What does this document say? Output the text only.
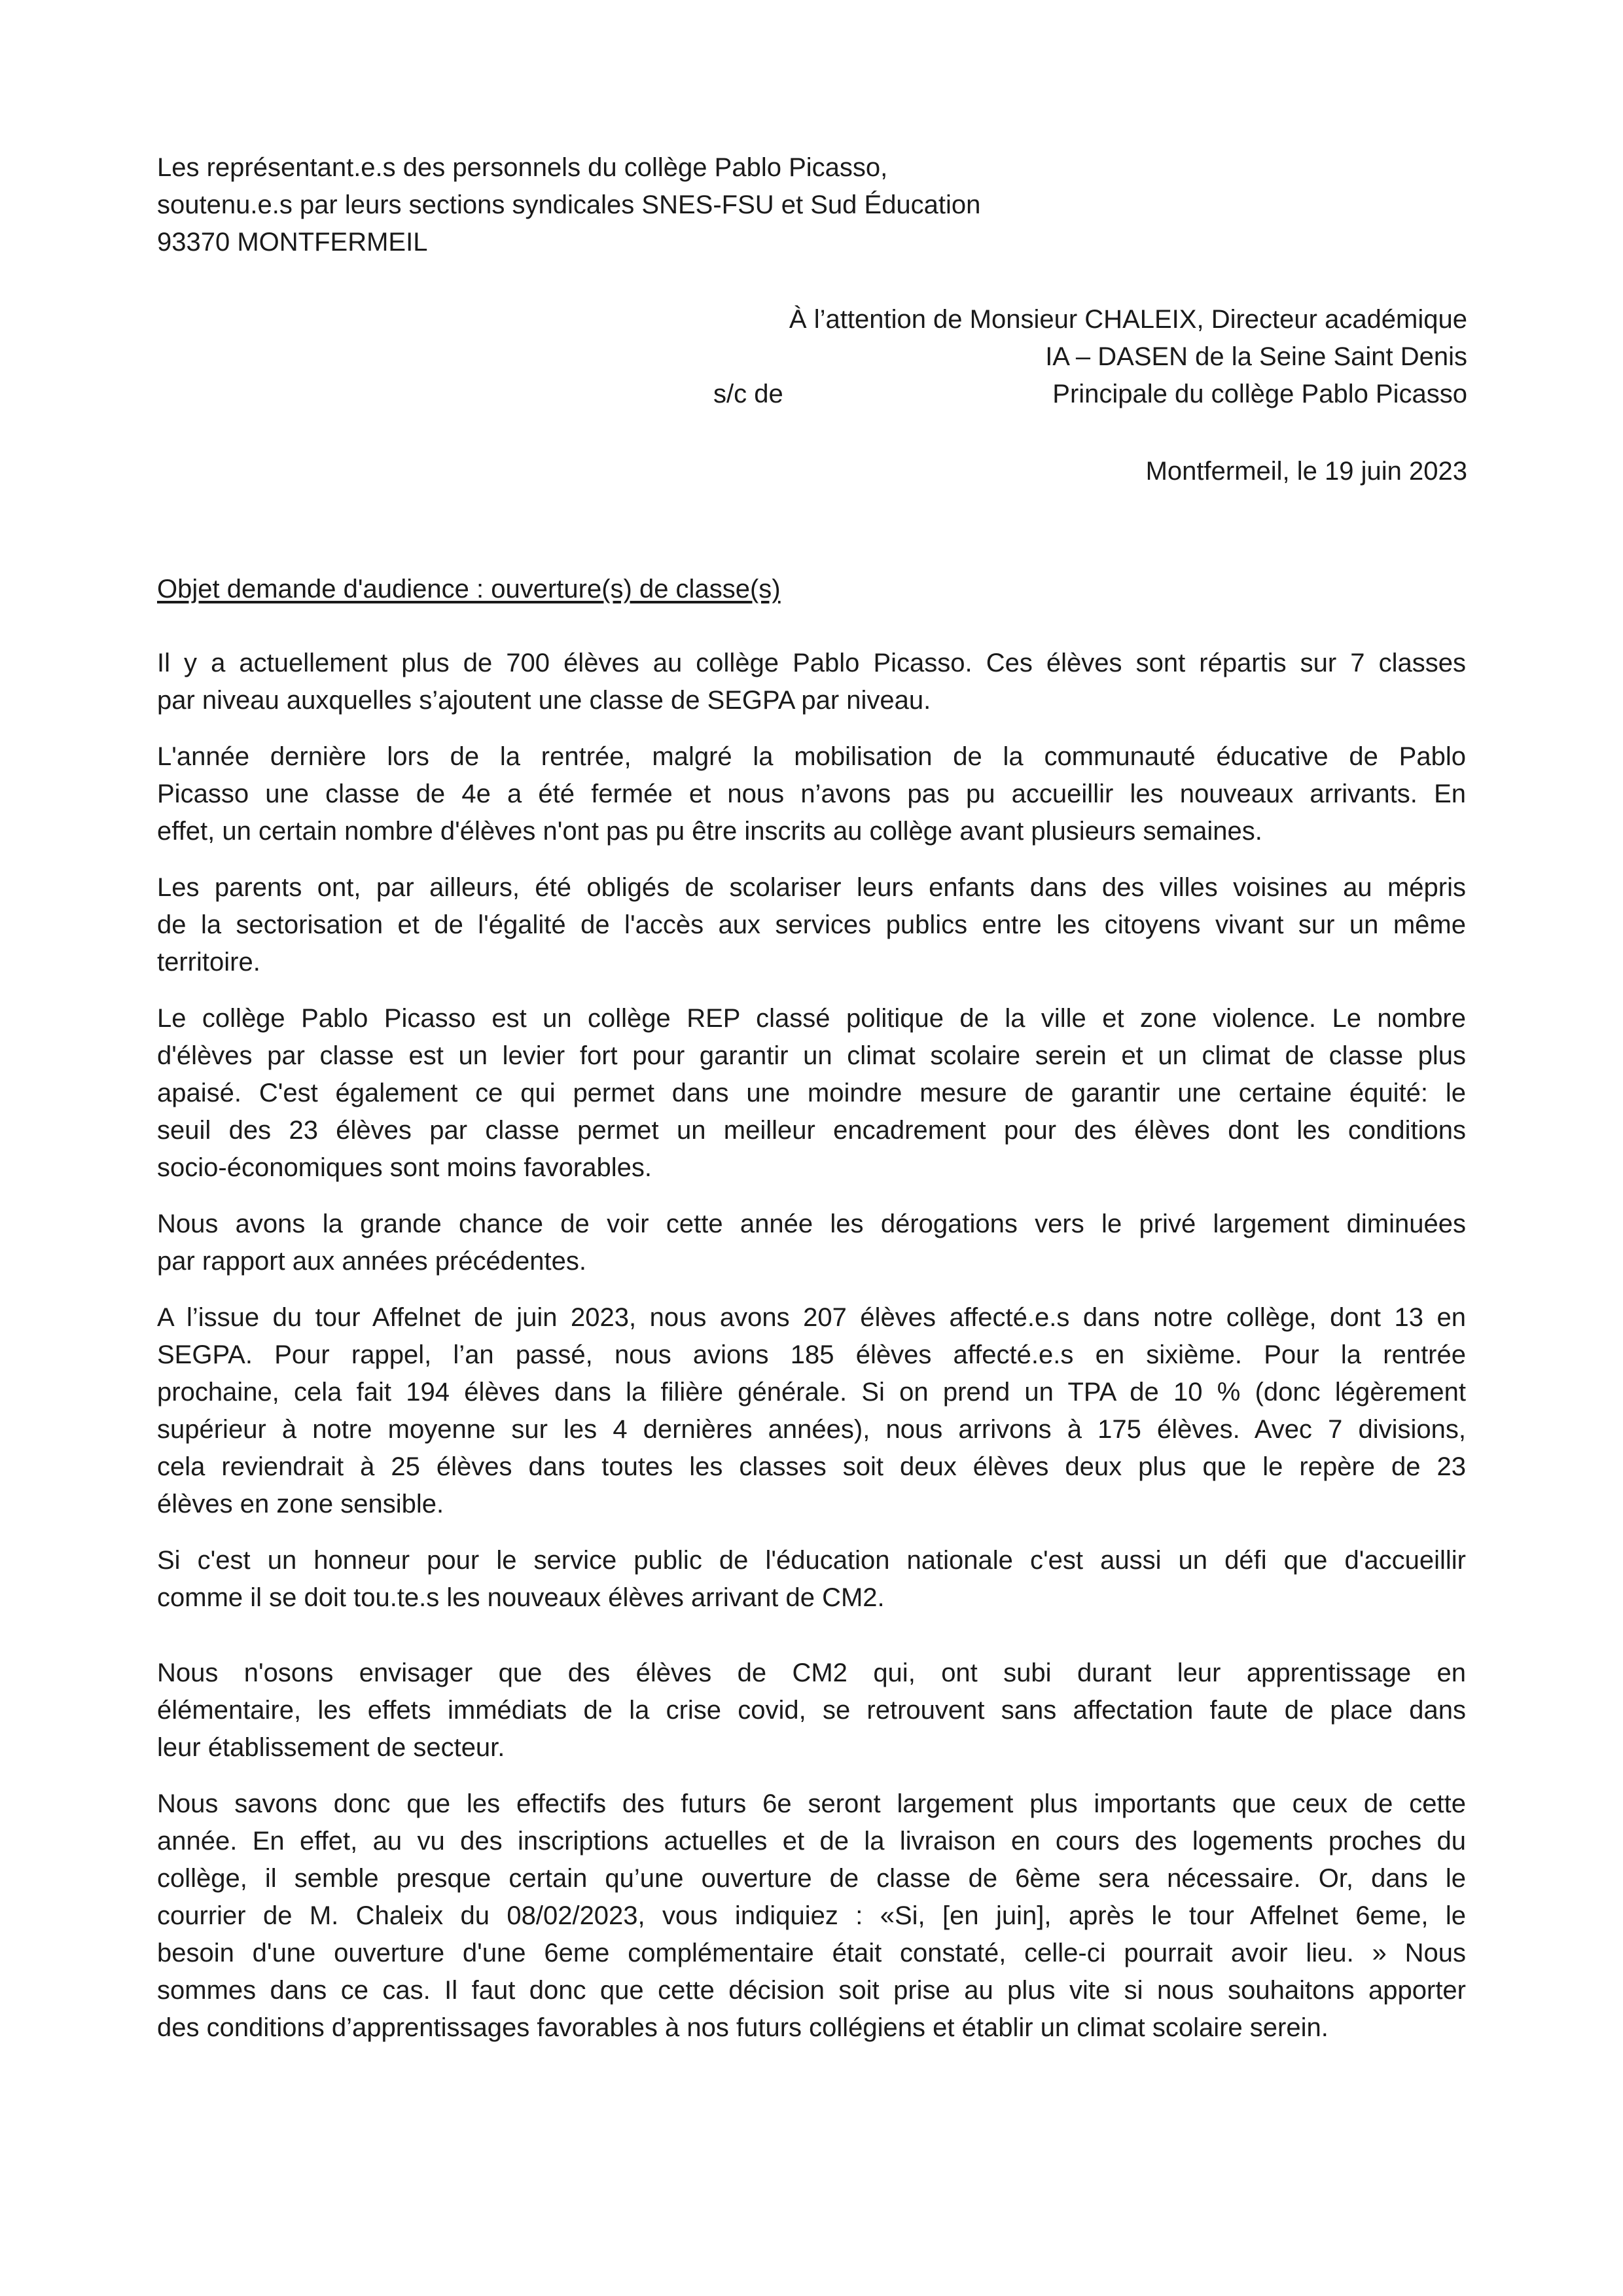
Les représentant.e.s des personnels du collège Pablo Picasso,
soutenu.e.s par leurs sections syndicales SNES-FSU et Sud Éducation
93370 MONTFERMEIL
À l’attention de Monsieur CHALEIX, Directeur académique
IA – DASEN de la Seine Saint Denis
s/c de	Principale du collège Pablo Picasso
Montfermeil, le 19 juin 2023
Objet demande d'audience : ouverture(s) de classe(s)
Il y a actuellement plus de 700 élèves au collège Pablo Picasso. Ces élèves sont répartis sur 7 classes
par niveau auxquelles s’ajoutent une classe de SEGPA par niveau.
L'année dernière lors de la rentrée, malgré la mobilisation de la communauté éducative de Pablo
Picasso une classe de 4e a été fermée et nous n’avons pas pu accueillir les nouveaux arrivants. En
effet, un certain nombre d'élèves n'ont pas pu être inscrits au collège avant plusieurs semaines.
Les parents ont, par ailleurs, été obligés de scolariser leurs enfants dans des villes voisines au mépris
de la sectorisation et de l'égalité de l'accès aux services publics entre les citoyens vivant sur un même
territoire.
Le collège Pablo Picasso est un collège REP classé politique de la ville et zone violence. Le nombre
d'élèves par classe est un levier fort pour garantir un climat scolaire serein et un climat de classe plus
apaisé. C'est également ce qui permet dans une moindre mesure de garantir une certaine équité: le
seuil des 23 élèves par classe permet un meilleur encadrement pour des élèves dont les conditions
socio-économiques sont moins favorables.
Nous avons la grande chance de voir cette année les dérogations vers le privé largement diminuées
par rapport aux années précédentes.
A l’issue du tour Affelnet de juin 2023, nous avons 207 élèves affecté.e.s dans notre collège, dont 13 en
SEGPA. Pour rappel, l’an passé, nous avions 185 élèves affecté.e.s en sixième. Pour la rentrée
prochaine, cela fait 194 élèves dans la filière générale. Si on prend un TPA de 10 % (donc légèrement
supérieur à notre moyenne sur les 4 dernières années), nous arrivons à 175 élèves. Avec 7 divisions,
cela reviendrait à 25 élèves dans toutes les classes soit deux élèves deux plus que le repère de 23
élèves en zone sensible.
Si c'est un honneur pour le service public de l'éducation nationale c'est aussi un défi que d'accueillir
comme il se doit tou.te.s les nouveaux élèves arrivant de CM2.
Nous n'osons envisager que des élèves de CM2 qui, ont subi durant leur apprentissage en
élémentaire, les effets immédiats de la crise covid, se retrouvent sans affectation faute de place dans
leur établissement de secteur.
Nous savons donc que les effectifs des futurs 6e seront largement plus importants que ceux de cette
année. En effet, au vu des inscriptions actuelles et de la livraison en cours des logements proches du
collège, il semble presque certain qu’une ouverture de classe de 6ème sera nécessaire. Or, dans le
courrier de M. Chaleix du 08/02/2023, vous indiquiez : «Si, [en juin], après le tour Affelnet 6eme, le
besoin d'une ouverture d'une 6eme complémentaire était constaté, celle-ci pourrait avoir lieu. » Nous
sommes dans ce cas. Il faut donc que cette décision soit prise au plus vite si nous souhaitons apporter
des conditions d’apprentissages favorables à nos futurs collégiens et établir un climat scolaire serein.
